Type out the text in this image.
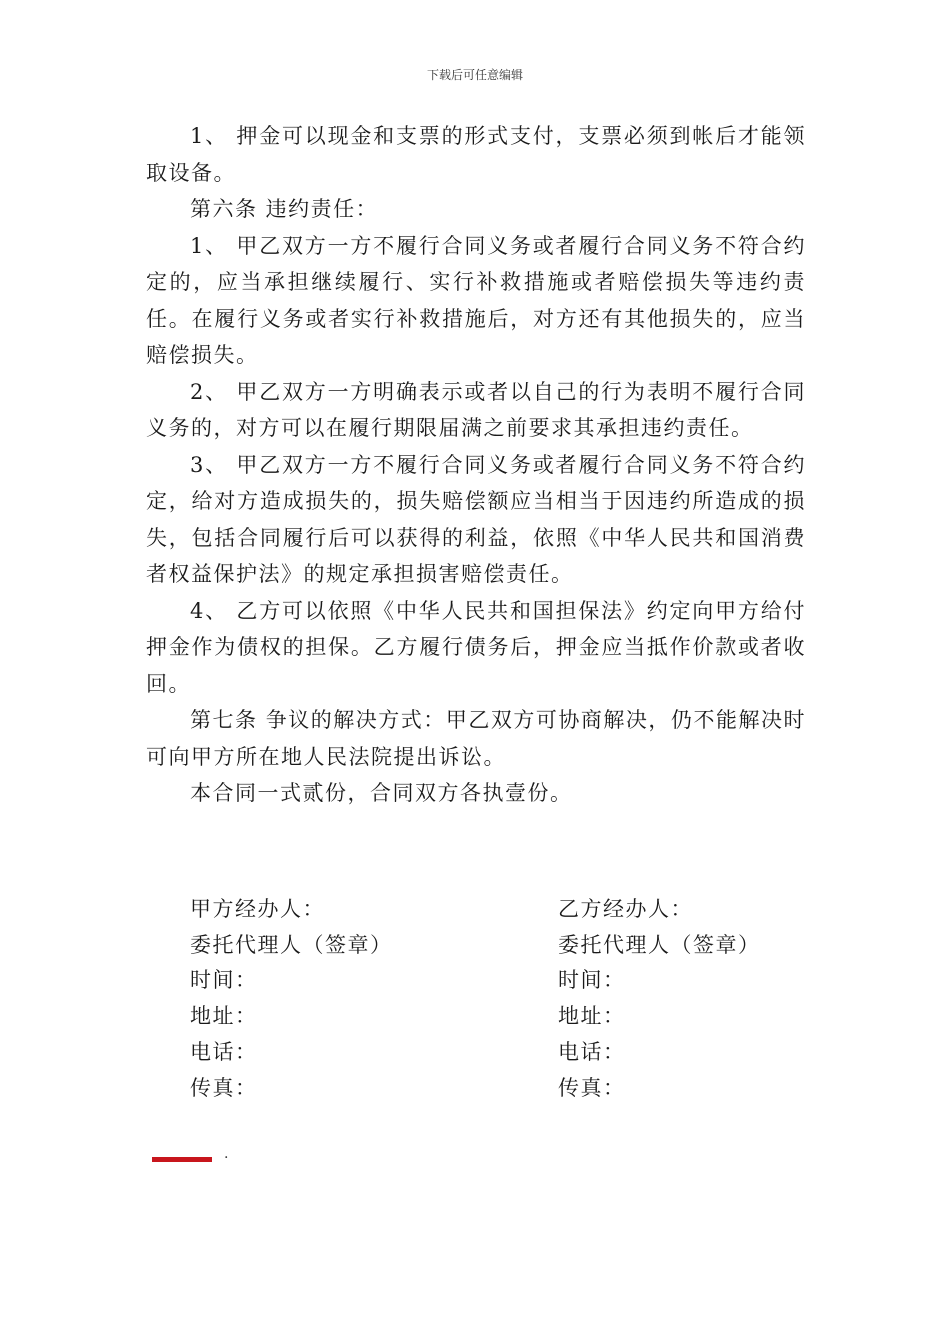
下载后可任意编辑

1、 押金可以现金和支票的形式支付，支票必须到帐后才能领取设备。

第六条 违约责任：

1、 甲乙双方一方不履行合同义务或者履行合同义务不符合约定的，应当承担继续履行、实行补救措施或者赔偿损失等违约责任。在履行义务或者实行补救措施后，对方还有其他损失的，应当赔偿损失。

2、 甲乙双方一方明确表示或者以自己的行为表明不履行合同义务的，对方可以在履行期限届满之前要求其承担违约责任。

3、 甲乙双方一方不履行合同义务或者履行合同义务不符合约定，给对方造成损失的，损失赔偿额应当相当于因违约所造成的损失，包括合同履行后可以获得的利益，依照《中华人民共和国消费者权益保护法》的规定承担损害赔偿责任。

4、 乙方可以依照《中华人民共和国担保法》约定向甲方给付押金作为债权的担保。乙方履行债务后，押金应当抵作价款或者收回。

第七条 争议的解决方式：甲乙双方可协商解决，仍不能解决时可向甲方所在地人民法院提出诉讼。

本合同一式贰份，合同双方各执壹份。

甲方经办人：
委托代理人（签章）
时间：
地址：
电话：
传真：
乙方经办人：
委托代理人（签章）
时间：
地址：
电话：
传真：
.
